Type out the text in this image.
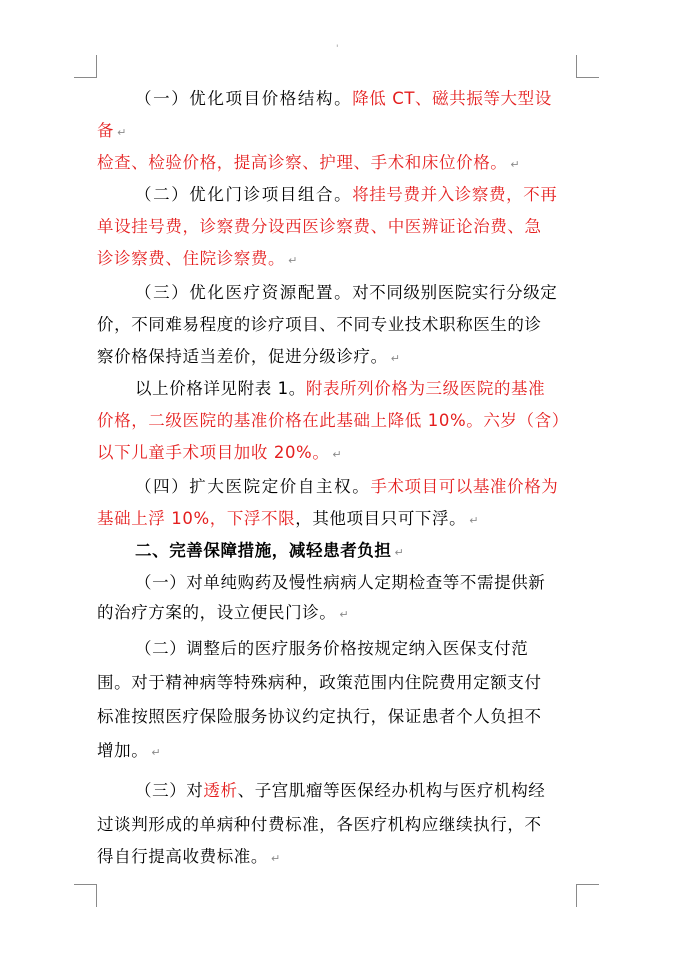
'
（一）优化项目价格结构。降低 CT、磁共振等大型设
备 ↵
检查、检验价格，提高诊察、护理、手术和床位价格。 ↵
（二）优化门诊项目组合。将挂号费并入诊察费，不再
单设挂号费，诊察费分设西医诊察费、中医辨证论治费、急
诊诊察费、住院诊察费。 ↵
（三）优化医疗资源配置。对不同级别医院实行分级定
价，不同难易程度的诊疗项目、不同专业技术职称医生的诊
察价格保持适当差价，促进分级诊疗。 ↵
以上价格详见附表 1。附表所列价格为三级医院的基准
价格，二级医院的基准价格在此基础上降低 10%。六岁（含）
以下儿童手术项目加收 20%。 ↵
（四）扩大医院定价自主权。手术项目可以基准价格为
基础上浮 10%，下浮不限，其他项目只可下浮。 ↵
二、完善保障措施，减轻患者负担 ↵
（一）对单纯购药及慢性病病人定期检查等不需提供新
的治疗方案的，设立便民门诊。 ↵
（二）调整后的医疗服务价格按规定纳入医保支付范
围。对于精神病等特殊病种，政策范围内住院费用定额支付
标准按照医疗保险服务协议约定执行，保证患者个人负担不
增加。 ↵
（三）对透析、子宫肌瘤等医保经办机构与医疗机构经
过谈判形成的单病种付费标准，各医疗机构应继续执行，不
得自行提高收费标准。 ↵
